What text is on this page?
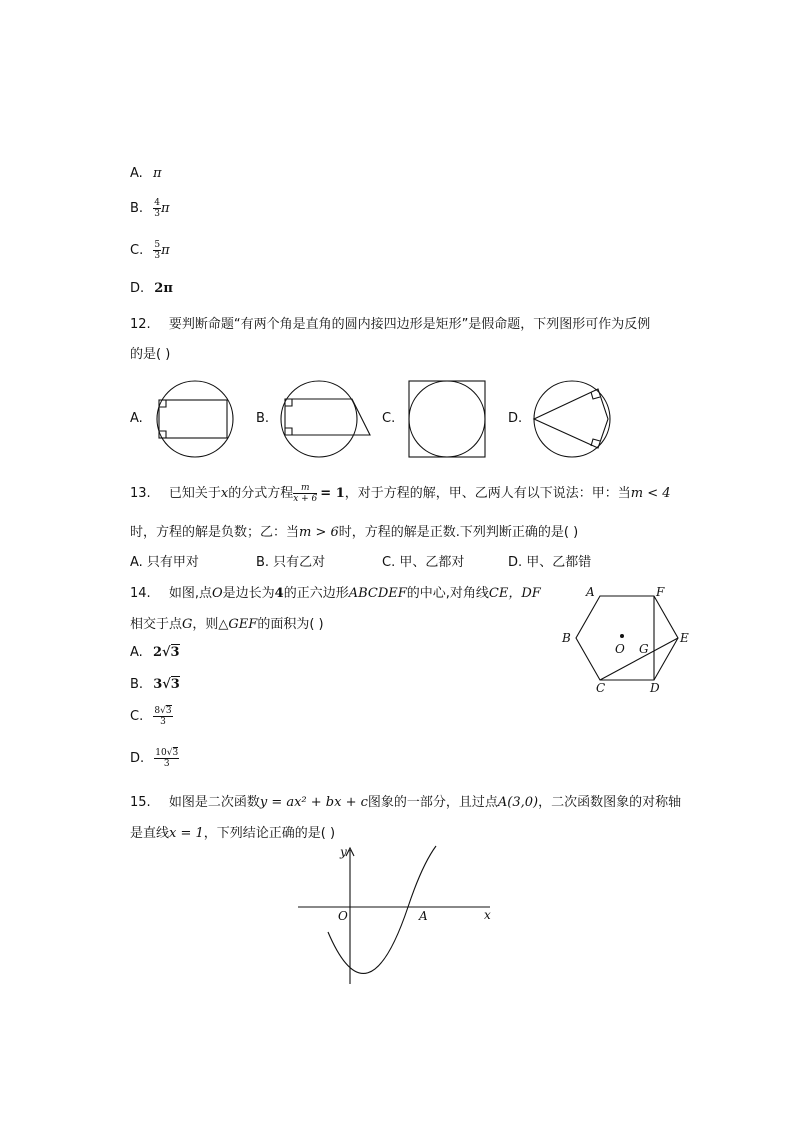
A. π
B. $\frac{4}{3}$ π
C. $\frac{5}{3}$ π
D. 2π
12. 要判断命题“有两个角是直角的圆内接四边形是矩形”是假命题，下列图形可作为反例
的是( )
A.	B.	C.	D.
13. 已知关于x的分式方程 $\frac{m}{x + 6} = 1$，对于方程的解，甲、乙两人有以下说法：甲：当m < 4
时，方程的解是负数；乙：当m > 6时，方程的解是正数.下列判断正确的是( )
A. 只有甲对	B. 只有乙对	C. 甲、乙都对	D. 甲、乙都错
14. 如图,点O是边长为4的正六边形ABCDEF的中心,对角线CE，DF
相交于点G，则△GEF的面积为( )
A. 2√3
B. 3√3
C. $\frac{8√3}{3}$
D. $\frac{10√3}{3}$
A	F
B	E
C	D
O G
15. 如图是二次函数y = ax² + bx + c图象的一部分，且过点A(3,0)，二次函数图象的对称轴
是直线x = 1，下列结论正确的是( )
y
x
O	A
